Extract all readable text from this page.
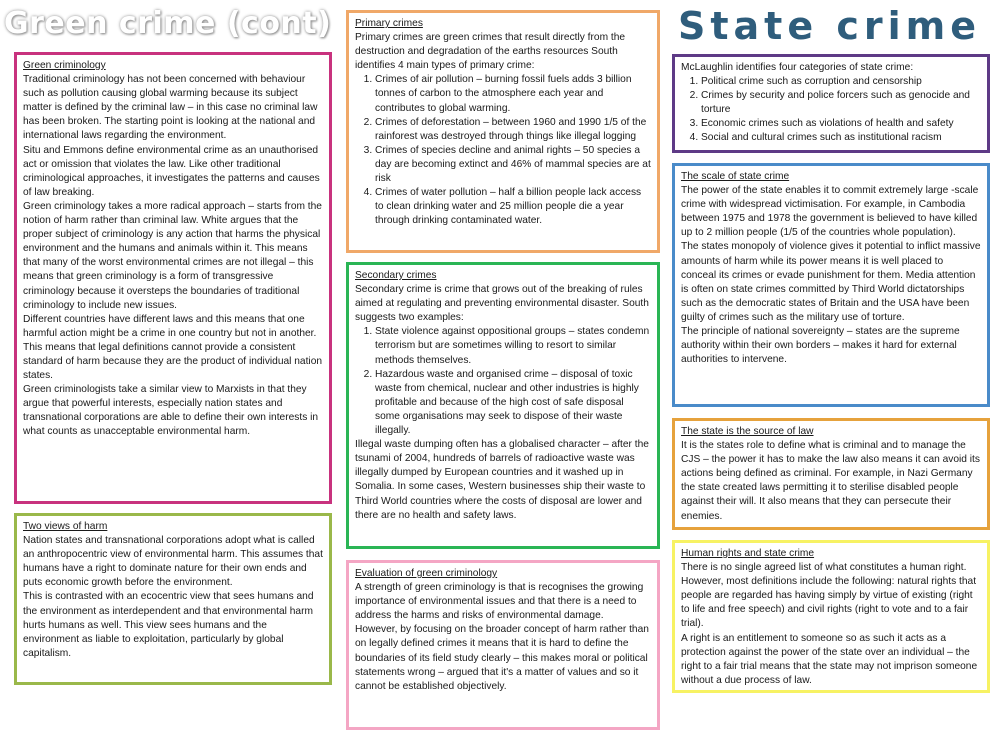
Green crime (cont)	State crime
Green criminology

Traditional criminology has not been concerned with behaviour such as pollution causing global warming because its subject matter is defined by the criminal law – in this case no criminal law has been broken. The starting point is looking at the national and international laws regarding the environment.

Situ and Emmons define environmental crime as an unauthorised act or omission that violates the law. Like other traditional criminological approaches, it investigates the patterns and causes of law breaking.

Green criminology takes a more radical approach – starts from the notion of harm rather than criminal law. White argues that the proper subject of criminology is any action that harms the physical environment and the humans and animals within it. This means that many of the worst environmental crimes are not illegal – this means that green criminology is a form of transgressive criminology because it oversteps the boundaries of traditional criminology to include new issues.

Different countries have different laws and this means that one harmful action might be a crime in one country but not in another. This means that legal definitions cannot provide a consistent standard of harm because they are the product of individual nation states.

Green criminologists take a similar view to Marxists in that they argue that powerful interests, especially nation states and transnational corporations are able to define their own interests in what counts as unacceptable environmental harm.

Two views of harm

Nation states and transnational corporations adopt what is called an anthropocentric view of environmental harm. This assumes that humans have a right to dominate nature for their own ends and puts economic growth before the environment.

This is contrasted with an ecocentric view that sees humans and the environment as interdependent and that environmental harm hurts humans as well. This view sees humans and the environment as liable to exploitation, particularly by global capitalism.

Primary crimes

Primary crimes are green crimes that result directly from the destruction and degradation of the earths resources South identifies 4 main types of primary crime:

1. Crimes of air pollution – burning fossil fuels adds 3 billion tonnes of carbon to the atmosphere each year and contributes to global warming.
2. Crimes of deforestation – between 1960 and 1990 1/5 of the rainforest was destroyed through things like illegal logging
3. Crimes of species decline and animal rights – 50 species a day are becoming extinct and 46% of mammal species are at risk
4. Crimes of water pollution – half a billion people lack access to clean drinking water and 25 million people die a year through drinking contaminated water.
Secondary crimes

Secondary crime is crime that grows out of the breaking of rules aimed at regulating and preventing environmental disaster. South suggests two examples:

1. State violence against oppositional groups – states condemn terrorism but are sometimes willing to resort to similar methods themselves.
2. Hazardous waste and organised crime – disposal of toxic waste from chemical, nuclear and other industries is highly profitable and because of the high cost of safe disposal some organisations may seek to dispose of their waste illegally.

Illegal waste dumping often has a globalised character – after the tsunami of 2004, hundreds of barrels of radioactive waste was illegally dumped by European countries and it washed up in Somalia. In some cases, Western businesses ship their waste to Third World countries where the costs of disposal are lower and there are no health and safety laws.

Evaluation of green criminology

A strength of green criminology is that is recognises the growing importance of environmental issues and that there is a need to address the harms and risks of environmental damage.

However, by focusing on the broader concept of harm rather than on legally defined crimes it means that it is hard to define the boundaries of its field study clearly – this makes moral or political statements wrong – argued that it's a matter of values and so it cannot be established objectively.

McLaughlin identifies four categories of state crime:

1. Political crime such as corruption and censorship
2. Crimes by security and police forcers such as genocide and torture
3. Economic crimes such as violations of health and safety
4. Social and cultural crimes such as institutional racism
The scale of state crime

The power of the state enables it to commit extremely large -scale crime with widespread victimisation. For example, in Cambodia between 1975 and 1978 the government is believed to have killed up to 2 million people (1/5 of the countries whole population).

The states monopoly of violence gives it potential to inflict massive amounts of harm while its power means it is well placed to conceal its crimes or evade punishment for them. Media attention is often on state crimes committed by Third World dictatorships such as the democratic states of Britain and the USA have been guilty of crimes such as the military use of torture.

The principle of national sovereignty – states are the supreme authority within their own borders – makes it hard for external authorities to intervene.

The state is the source of law

It is the states role to define what is criminal and to manage the CJS – the power it has to make the law also means it can avoid its actions being defined as criminal. For example, in Nazi Germany the state created laws permitting it to sterilise disabled people against their will. It also means that they can persecute their enemies.

Human rights and state crime

There is no single agreed list of what constitutes a human right. However, most definitions include the following: natural rights that people are regarded has having simply by virtue of existing (right to life and free speech) and civil rights (right to vote and to a fair trial).

A right is an entitlement to someone so as such it acts as a protection against the power of the state over an individual – the right to a fair trial means that the state may not imprison someone without a due process of law.
